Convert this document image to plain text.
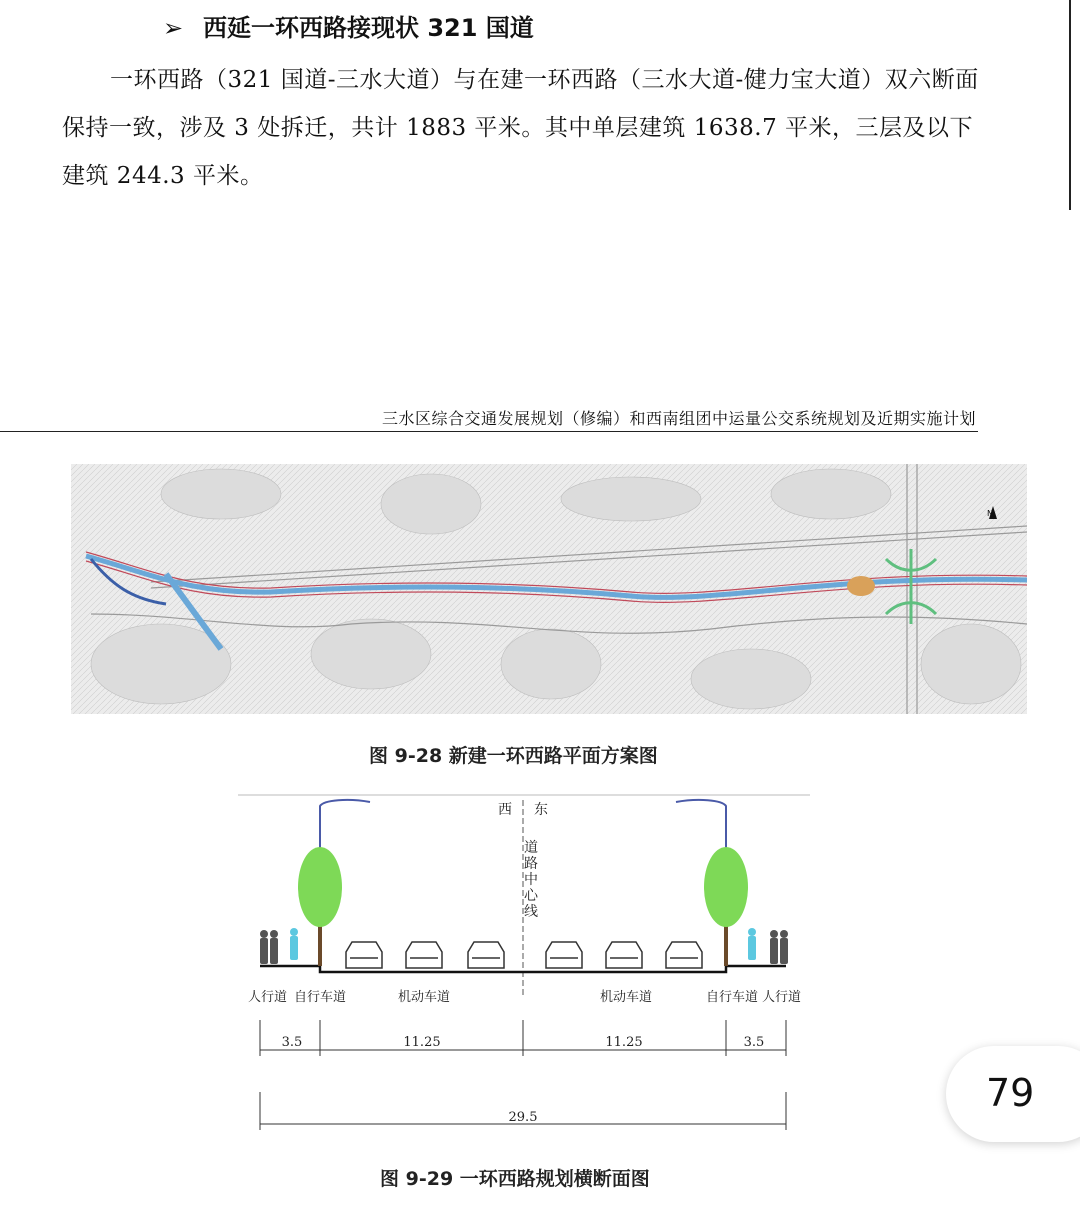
➢ 西延一环西路接现状 321 国道
一环西路（321 国道-三水大道）与在建一环西路（三水大道-健力宝大道）双六断面保持一致，涉及 3 处拆迁，共计 1883 平米。其中单层建筑 1638.7 平米，三层及以下建筑 244.3 平米。
三水区综合交通发展规划（修编）和西南组团中运量公交系统规划及近期实施计划
N
图 9-28 新建一环西路平面方案图
西 东
道路中心线
人行道 自行车道	机动车道	机动车道	自行车道 人行道
3.5	11.25	11.25	3.5
29.5
图 9-29 一环西路规划横断面图
79
